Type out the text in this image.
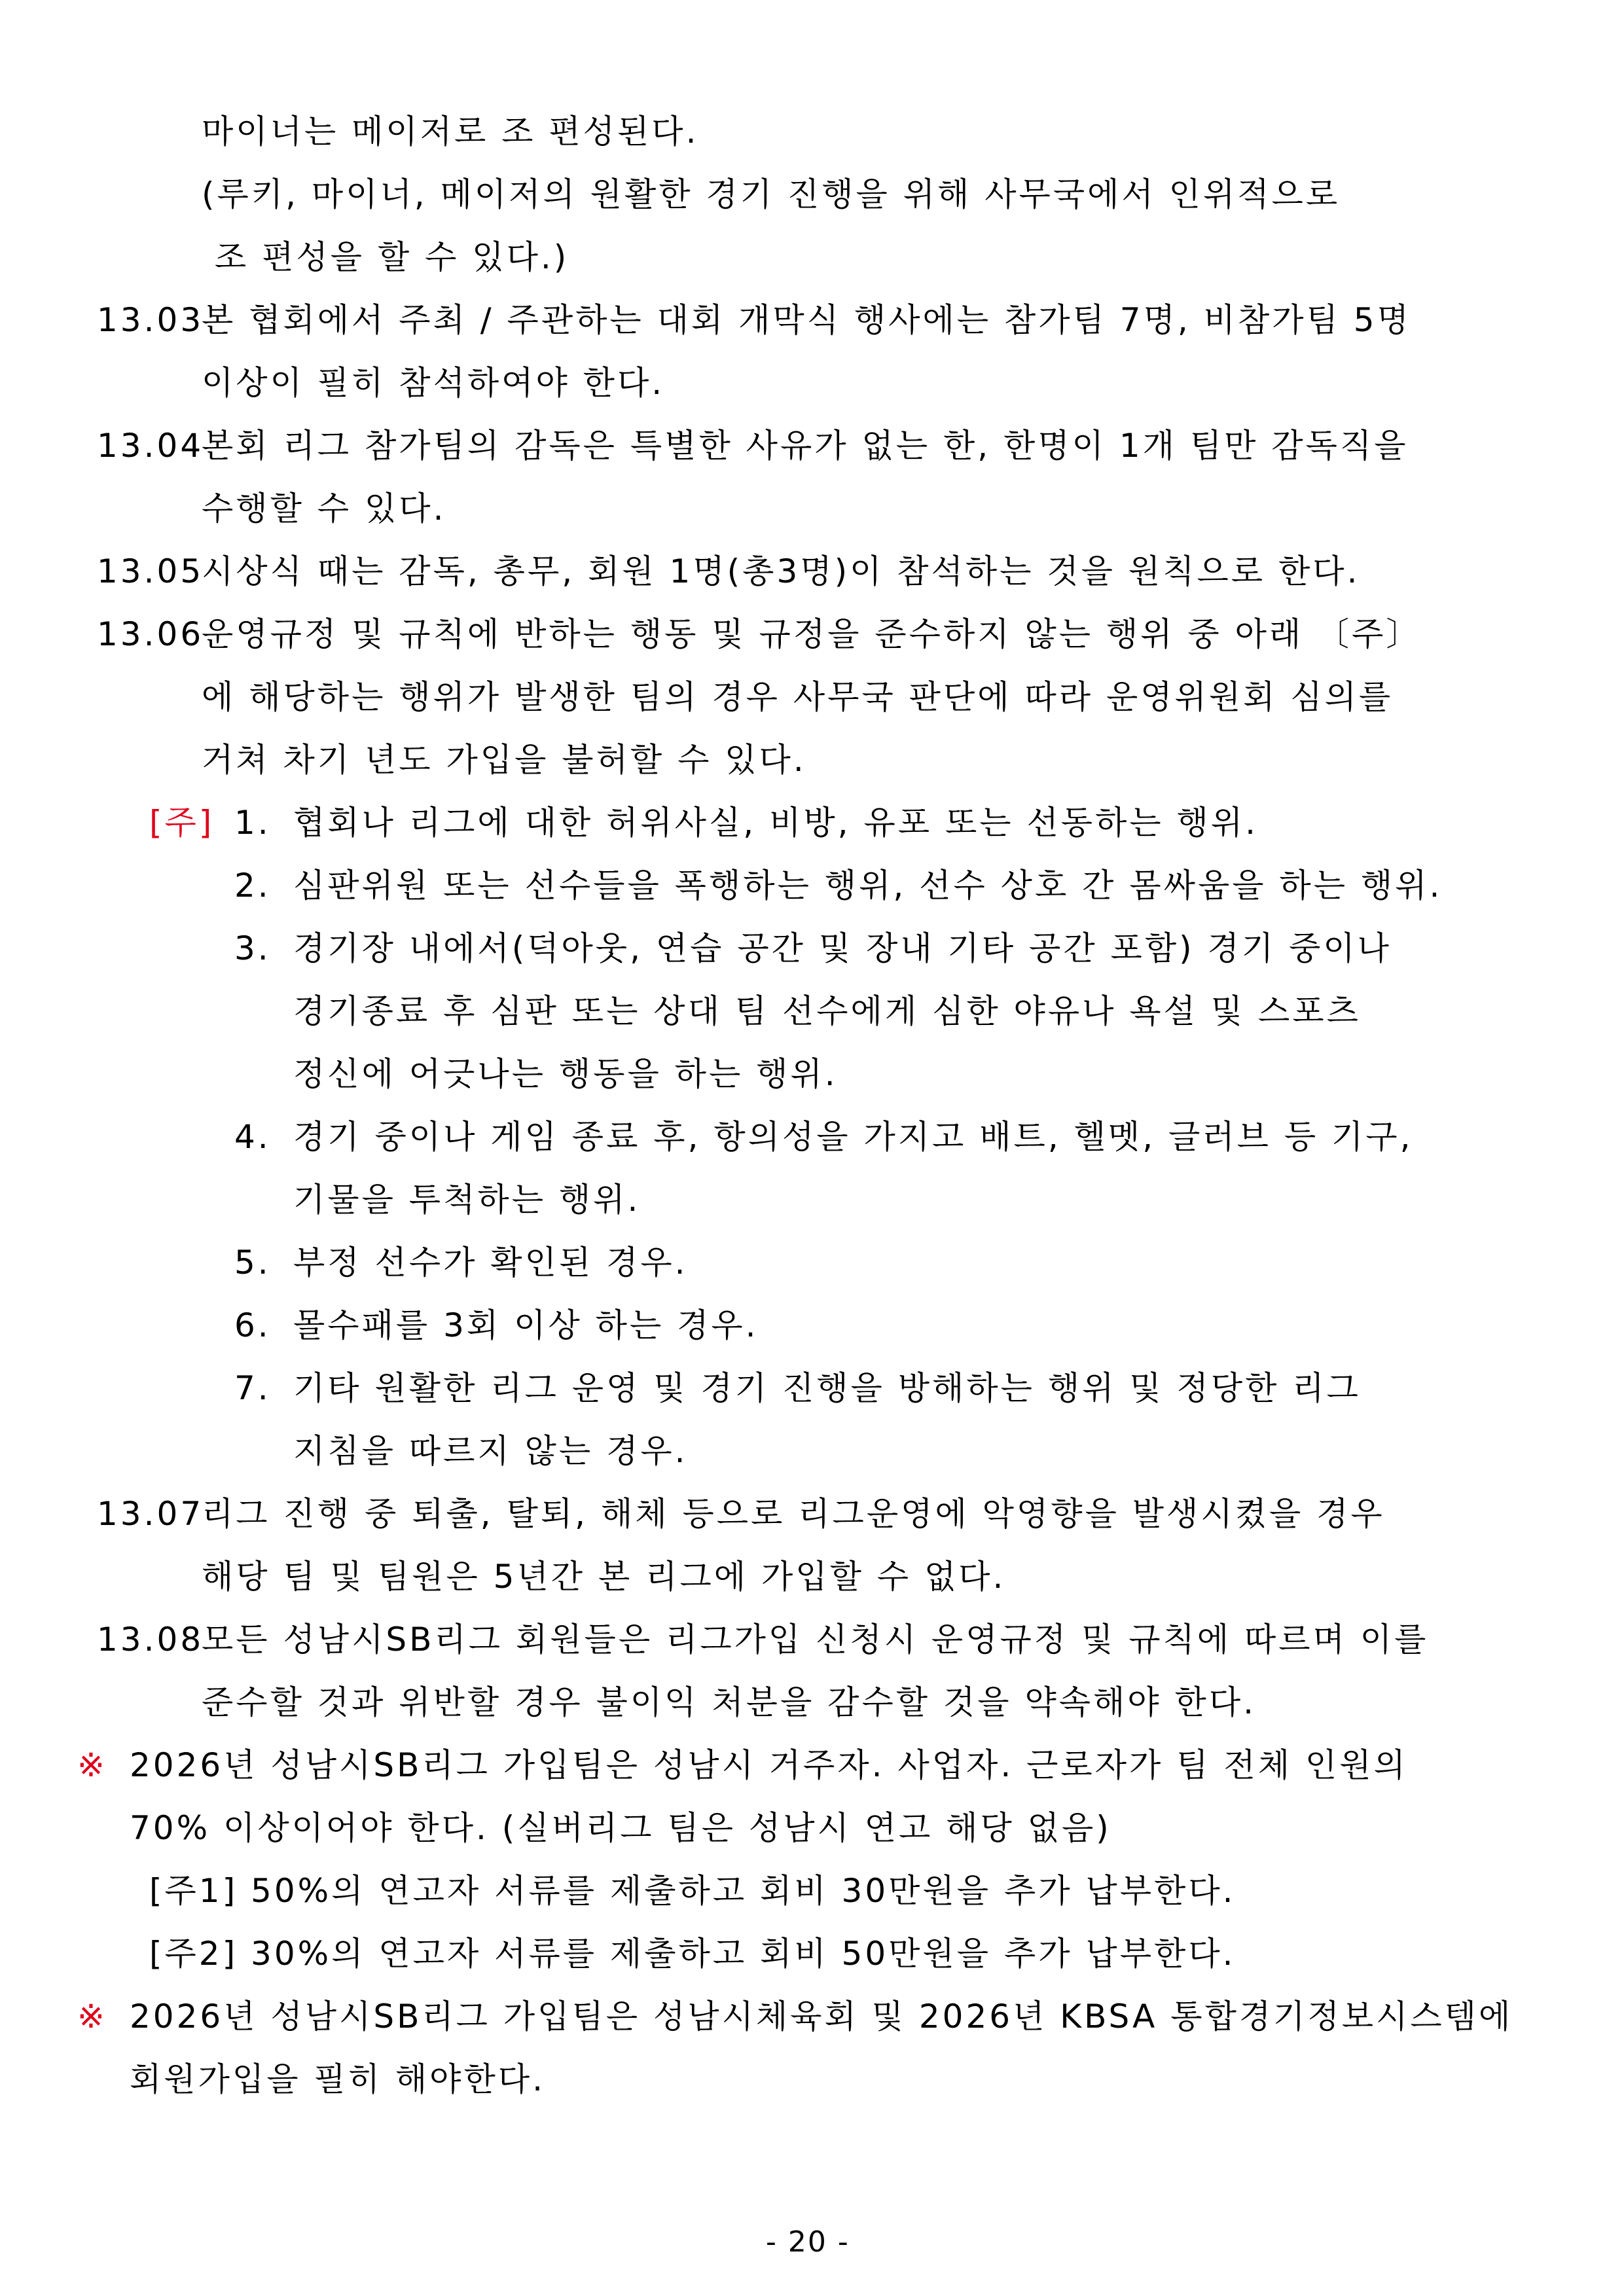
마이너는 메이저로 조 편성된다.
(루키, 마이너, 메이저의 원활한 경기 진행을 위해 사무국에서 인위적으로
조 편성을 할 수 있다.)
13.03
본 협회에서 주최 / 주관하는 대회 개막식 행사에는 참가팀 7명, 비참가팀 5명
이상이 필히 참석하여야 한다.
13.04
본회 리그 참가팀의 감독은 특별한 사유가 없는 한, 한명이 1개 팀만 감독직을
수행할 수 있다.
13.05
시상식 때는 감독, 총무, 회원 1명(총3명)이 참석하는 것을 원칙으로 한다.
13.06
운영규정 및 규칙에 반하는 행동 및 규정을 준수하지 않는 행위 중 아래 〔주〕
에 해당하는 행위가 발생한 팀의 경우 사무국 판단에 따라 운영위원회 심의를
거쳐 차기 년도 가입을 불허할 수 있다.
[주] 1. 협회나 리그에 대한 허위사실, 비방, 유포 또는 선동하는 행위.
2. 심판위원 또는 선수들을 폭행하는 행위, 선수 상호 간 몸싸움을 하는 행위.
3. 경기장 내에서(덕아웃, 연습 공간 및 장내 기타 공간 포함) 경기 중이나
경기종료 후 심판 또는 상대 팀 선수에게 심한 야유나 욕설 및 스포츠
정신에 어긋나는 행동을 하는 행위.
4. 경기 중이나 게임 종료 후, 항의성을 가지고 배트, 헬멧, 글러브 등 기구,
기물을 투척하는 행위.
5. 부정 선수가 확인된 경우.
6. 몰수패를 3회 이상 하는 경우.
7. 기타 원활한 리그 운영 및 경기 진행을 방해하는 행위 및 정당한 리그
지침을 따르지 않는 경우.
13.07
리그 진행 중 퇴출, 탈퇴, 해체 등으로 리그운영에 악영향을 발생시켰을 경우
해당 팀 및 팀원은 5년간 본 리그에 가입할 수 없다.
13.08
모든 성남시SB리그 회원들은 리그가입 신청시 운영규정 및 규칙에 따르며 이를
준수할 것과 위반할 경우 불이익 처분을 감수할 것을 약속해야 한다.
※ 2026년 성남시SB리그 가입팀은 성남시 거주자. 사업자. 근로자가 팀 전체 인원의
70% 이상이어야 한다. (실버리그 팀은 성남시 연고 해당 없음)
[주1] 50%의 연고자 서류를 제출하고 회비 30만원을 추가 납부한다.
[주2] 30%의 연고자 서류를 제출하고 회비 50만원을 추가 납부한다.
※ 2026년 성남시SB리그 가입팀은 성남시체육회 및 2026년 KBSA 통합경기정보시스템에
회원가입을 필히 해야한다.
- 20 -
